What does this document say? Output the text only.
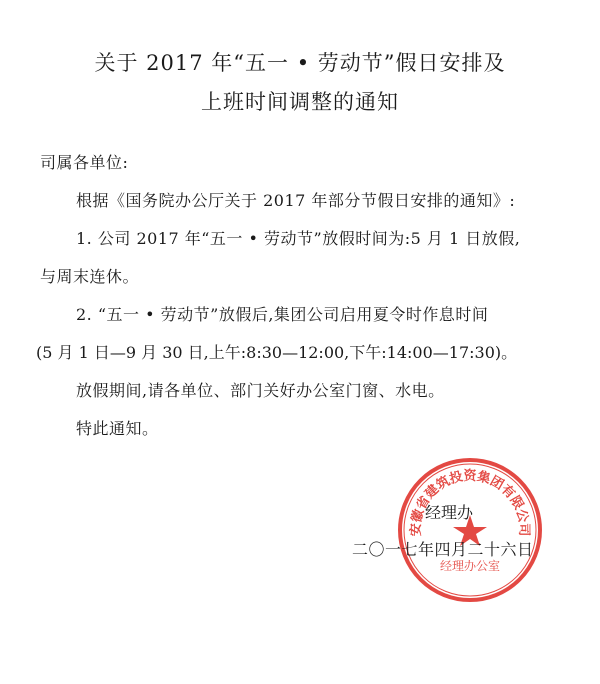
关于 2017 年“五一 • 劳动节”假日安排及
上班时间调整的通知
司属各单位:
根据《国务院办公厅关于 2017 年部分节假日安排的通知》:
1. 公司 2017 年“五一 • 劳动节”放假时间为:5 月 1 日放假,
与周末连休。
2. “五一 • 劳动节”放假后,集团公司启用夏令时作息时间
(5 月 1 日—9 月 30 日,上午:8:30—12:00,下午:14:00—17:30)。
放假期间,请各单位、部门关好办公室门窗、水电。
特此通知。
安徽省建筑投资集团有限公司
经理办公室
经理办
二〇一七年四月二十六日
